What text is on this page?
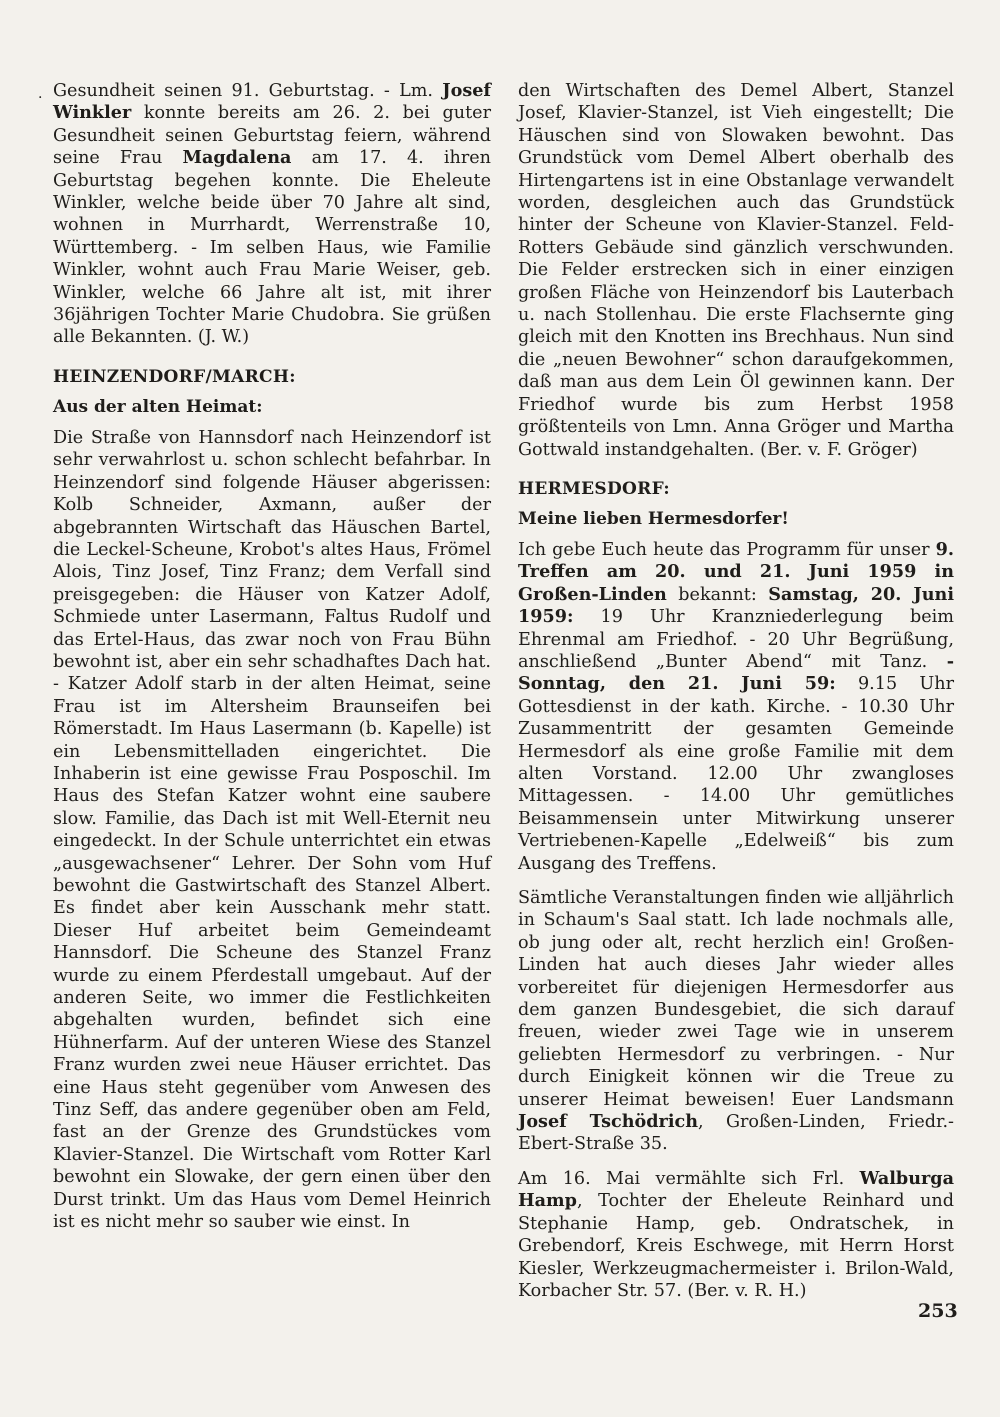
. Gesundheit seinen 91. Geburtstag. - Lm. Josef Winkler konnte bereits am 26. 2. bei guter Gesundheit seinen Geburtstag feiern, während seine Frau Magdalena am 17. 4. ihren Geburtstag begehen konnte. Die Eheleute Winkler, welche beide über 70 Jahre alt sind, wohnen in Murrhardt, Werrenstraße 10, Württemberg. - Im selben Haus, wie Familie Winkler, wohnt auch Frau Marie Weiser, geb. Winkler, welche 66 Jahre alt ist, mit ihrer 36jährigen Tochter Marie Chudobra. Sie grüßen alle Bekannten. (J. W.)

HEINZENDORF/MARCH:
Aus der alten Heimat:

Die Straße von Hannsdorf nach Heinzendorf ist sehr verwahrlost u. schon schlecht befahrbar. In Heinzendorf sind folgende Häuser abgerissen: Kolb Schneider, Axmann, außer der abgebrannten Wirtschaft das Häuschen Bartel, die Leckel-Scheune, Krobot's altes Haus, Frömel Alois, Tinz Josef, Tinz Franz; dem Verfall sind preisgegeben: die Häuser von Katzer Adolf, Schmiede unter Lasermann, Faltus Rudolf und das Ertel-Haus, das zwar noch von Frau Bühn bewohnt ist, aber ein sehr schadhaftes Dach hat. - Katzer Adolf starb in der alten Heimat, seine Frau ist im Altersheim Braunseifen bei Römerstadt. Im Haus Lasermann (b. Kapelle) ist ein Lebensmittelladen eingerichtet. Die Inhaberin ist eine gewisse Frau Posposchil. Im Haus des Stefan Katzer wohnt eine saubere slow. Familie, das Dach ist mit Well-Eternit neu eingedeckt. In der Schule unterrichtet ein etwas „ausgewachsener“ Lehrer. Der Sohn vom Huf bewohnt die Gastwirtschaft des Stanzel Albert. Es findet aber kein Ausschank mehr statt. Dieser Huf arbeitet beim Gemeindeamt Hannsdorf. Die Scheune des Stanzel Franz wurde zu einem Pferdestall umgebaut. Auf der anderen Seite, wo immer die Festlichkeiten abgehalten wurden, befindet sich eine Hühnerfarm. Auf der unteren Wiese des Stanzel Franz wurden zwei neue Häuser errichtet. Das eine Haus steht gegenüber vom Anwesen des Tinz Seff, das andere gegenüber oben am Feld, fast an der Grenze des Grundstückes vom Klavier-Stanzel. Die Wirtschaft vom Rotter Karl bewohnt ein Slowake, der gern einen über den Durst trinkt. Um das Haus vom Demel Heinrich ist es nicht mehr so sauber wie einst. In

den Wirtschaften des Demel Albert, Stanzel Josef, Klavier-Stanzel, ist Vieh eingestellt; Die Häuschen sind von Slowaken bewohnt. Das Grundstück vom Demel Albert oberhalb des Hirtengartens ist in eine Obstanlage verwandelt worden, desgleichen auch das Grundstück hinter der Scheune von Klavier-Stanzel. Feld-Rotters Gebäude sind gänzlich verschwunden. Die Felder erstrecken sich in einer einzigen großen Fläche von Heinzendorf bis Lauterbach u. nach Stollenhau. Die erste Flachsernte ging gleich mit den Knotten ins Brechhaus. Nun sind die „neuen Bewohner“ schon daraufgekommen, daß man aus dem Lein Öl gewinnen kann. Der Friedhof wurde bis zum Herbst 1958 größtenteils von Lmn. Anna Gröger und Martha Gottwald instandgehalten. (Ber. v. F. Gröger)

HERMESDORF:
Meine lieben Hermesdorfer!

Ich gebe Euch heute das Programm für unser 9. Treffen am 20. und 21. Juni 1959 in Großen-Linden bekannt: Samstag, 20. Juni 1959: 19 Uhr Kranzniederlegung beim Ehrenmal am Friedhof. - 20 Uhr Begrüßung, anschließend „Bunter Abend“ mit Tanz. - Sonntag, den 21. Juni 59: 9.15 Uhr Gottesdienst in der kath. Kirche. - 10.30 Uhr Zusammentritt der gesamten Gemeinde Hermesdorf als eine große Familie mit dem alten Vorstand. 12.00 Uhr zwangloses Mittagessen. - 14.00 Uhr gemütliches Beisammensein unter Mitwirkung unserer Vertriebenen-Kapelle „Edelweiß“ bis zum Ausgang des Treffens.

Sämtliche Veranstaltungen finden wie alljährlich in Schaum's Saal statt. Ich lade nochmals alle, ob jung oder alt, recht herzlich ein! Großen-Linden hat auch dieses Jahr wieder alles vorbereitet für diejenigen Hermesdorfer aus dem ganzen Bundesgebiet, die sich darauf freuen, wieder zwei Tage wie in unserem geliebten Hermesdorf zu verbringen. - Nur durch Einigkeit können wir die Treue zu unserer Heimat beweisen! Euer Landsmann Josef Tschödrich, Großen-Linden, Friedr.-Ebert-Straße 35.

Am 16. Mai vermählte sich Frl. Walburga Hamp, Tochter der Eheleute Reinhard und Stephanie Hamp, geb. Ondratschek, in Grebendorf, Kreis Eschwege, mit Herrn Horst Kiesler, Werkzeugmachermeister i. Brilon-Wald, Korbacher Str. 57. (Ber. v. R. H.)

253
